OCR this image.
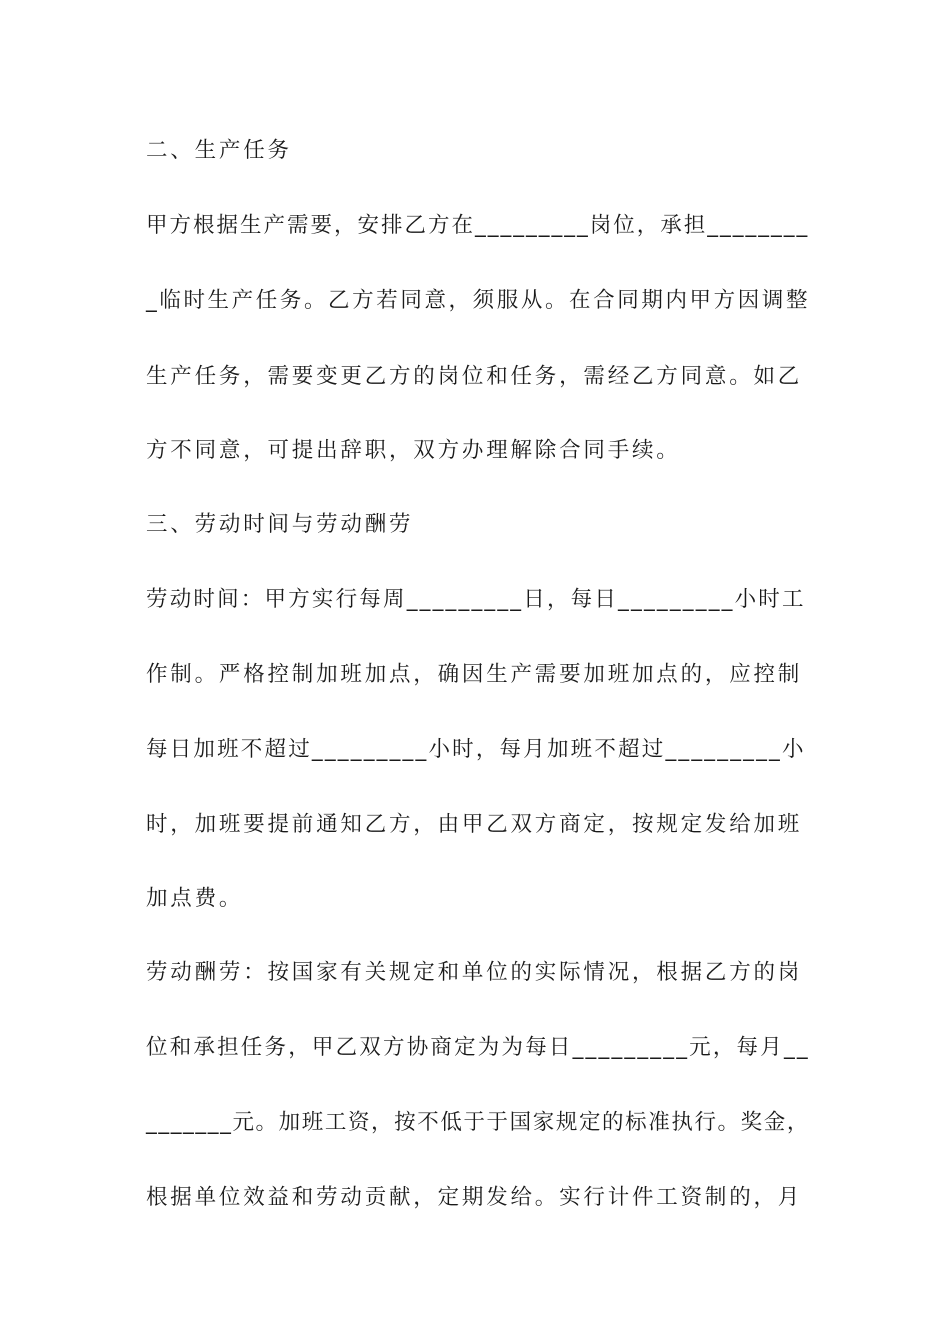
二、生产任务
甲方根据生产需要，安排乙方在_________岗位，承担________
_临时生产任务。乙方若同意，须服从。在合同期内甲方因调整
生产任务，需要变更乙方的岗位和任务，需经乙方同意。如乙
方不同意，可提出辞职，双方办理解除合同手续。
三、劳动时间与劳动酬劳
劳动时间：甲方实行每周_________日，每日_________小时工
作制。严格控制加班加点，确因生产需要加班加点的，应控制
每日加班不超过_________小时，每月加班不超过_________小
时，加班要提前通知乙方，由甲乙双方商定，按规定发给加班
加点费。
劳动酬劳：按国家有关规定和单位的实际情况，根据乙方的岗
位和承担任务，甲乙双方协商定为为每日_________元，每月__
_______元。加班工资，按不低于于国家规定的标准执行。奖金，
根据单位效益和劳动贡献，定期发给。实行计件工资制的，月
